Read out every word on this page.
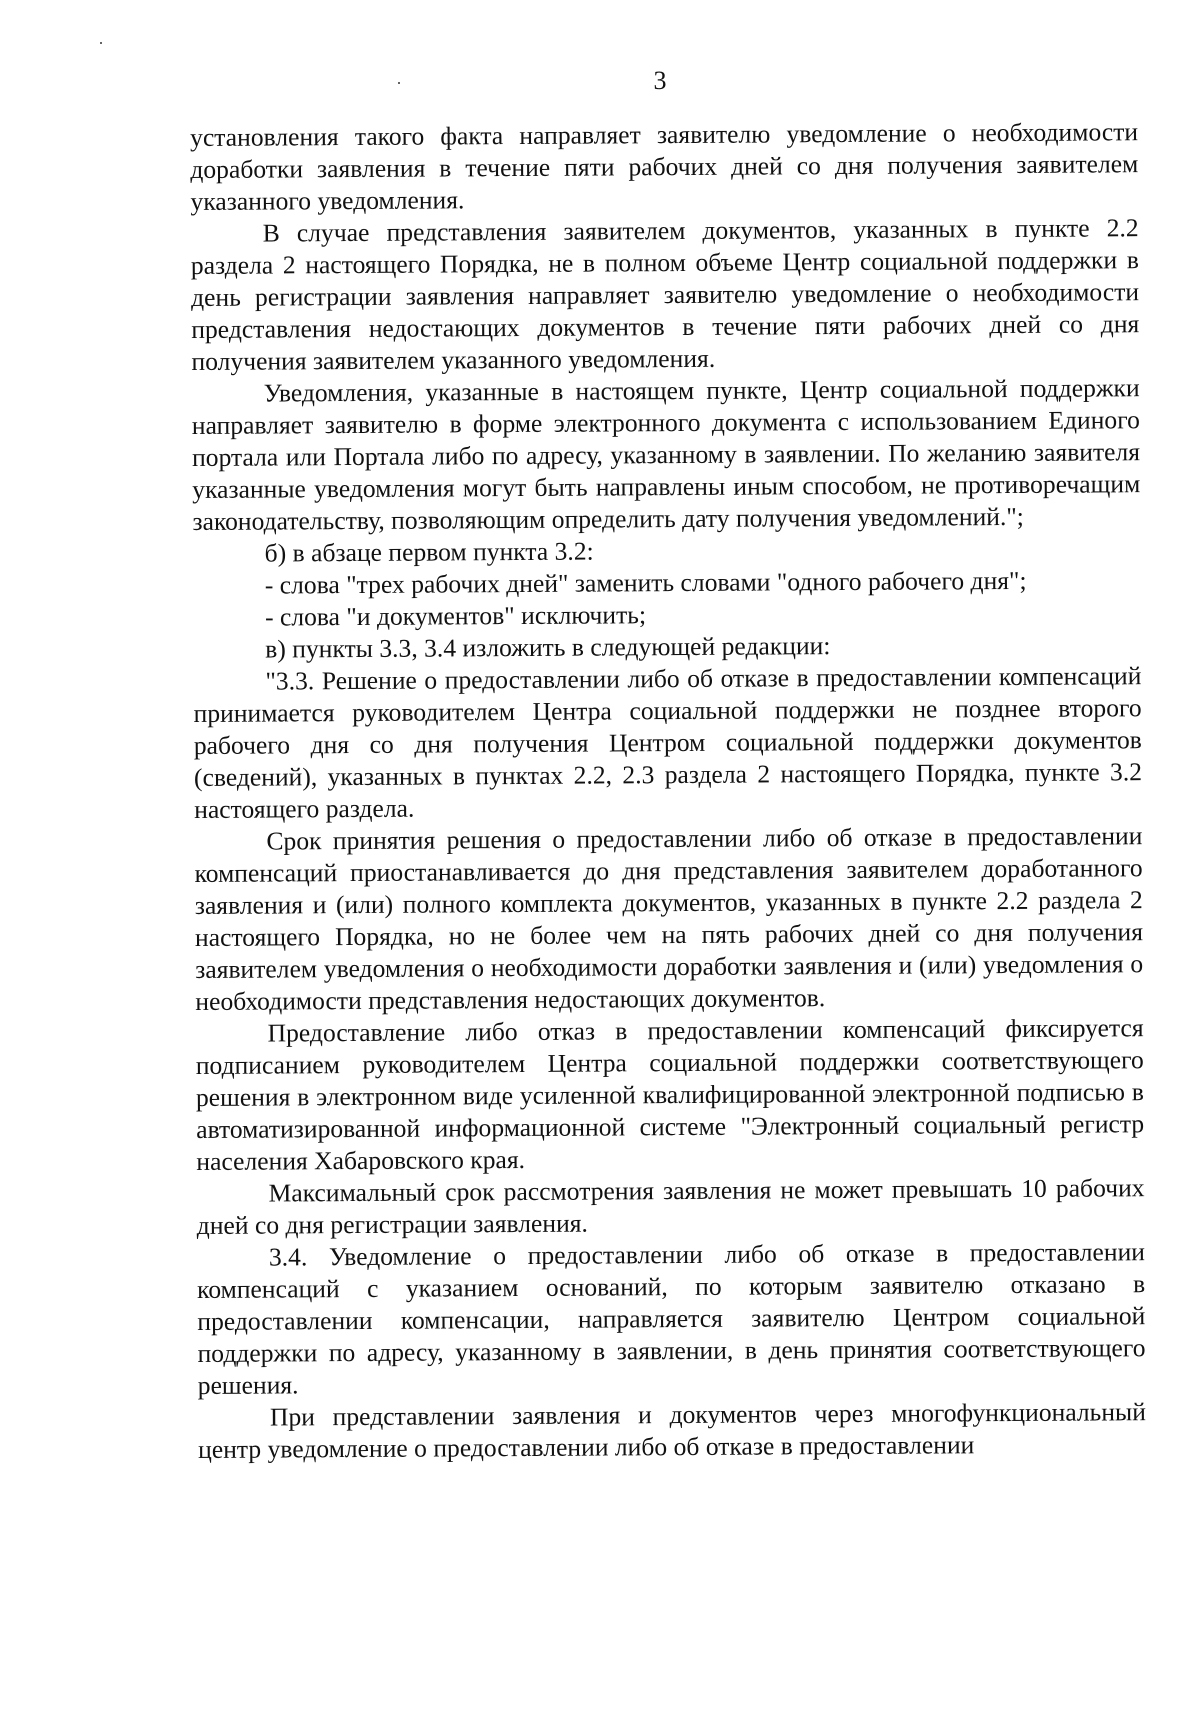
3

установления такого факта направляет заявителю уведомление о необходимости доработки заявления в течение пяти рабочих дней со дня получения заявителем указанного уведомления.

В случае представления заявителем документов, указанных в пункте 2.2 раздела 2 настоящего Порядка, не в полном объеме Центр социальной поддержки в день регистрации заявления направляет заявителю уведомление о необходимости представления недостающих документов в течение пяти рабочих дней со дня получения заявителем указанного уведомления.

Уведомления, указанные в настоящем пункте, Центр социальной поддержки направляет заявителю в форме электронного документа с использованием Единого портала или Портала либо по адресу, указанному в заявлении. По желанию заявителя указанные уведомления могут быть направлены иным способом, не противоречащим законодательству, позволяющим определить дату получения уведомлений.";

б) в абзаце первом пункта 3.2:

- слова "трех рабочих дней" заменить словами "одного рабочего дня";

- слова "и документов" исключить;

в) пункты 3.3, 3.4 изложить в следующей редакции:

"3.3. Решение о предоставлении либо об отказе в предоставлении компенсаций принимается руководителем Центра социальной поддержки не позднее второго рабочего дня со дня получения Центром социальной поддержки документов (сведений), указанных в пунктах 2.2, 2.3 раздела 2 настоящего Порядка, пункте 3.2 настоящего раздела.

Срок принятия решения о предоставлении либо об отказе в предоставлении компенсаций приостанавливается до дня представления заявителем доработанного заявления и (или) полного комплекта документов, указанных в пункте 2.2 раздела 2 настоящего Порядка, но не более чем на пять рабочих дней со дня получения заявителем уведомления о необходимости доработки заявления и (или) уведомления о необходимости представления недостающих документов.

Предоставление либо отказ в предоставлении компенсаций фиксируется подписанием руководителем Центра социальной поддержки соответствующего решения в электронном виде усиленной квалифицированной электронной подписью в автоматизированной информационной системе "Электронный социальный регистр населения Хабаровского края.

Максимальный срок рассмотрения заявления не может превышать 10 рабочих дней со дня регистрации заявления.

3.4. Уведомление о предоставлении либо об отказе в предоставлении компенсаций с указанием оснований, по которым заявителю отказано в предоставлении компенсации, направляется заявителю Центром социальной поддержки по адресу, указанному в заявлении, в день принятия соответствующего решения.

При представлении заявления и документов через многофункциональный центр уведомление о предоставлении либо об отказе в предоставлении
